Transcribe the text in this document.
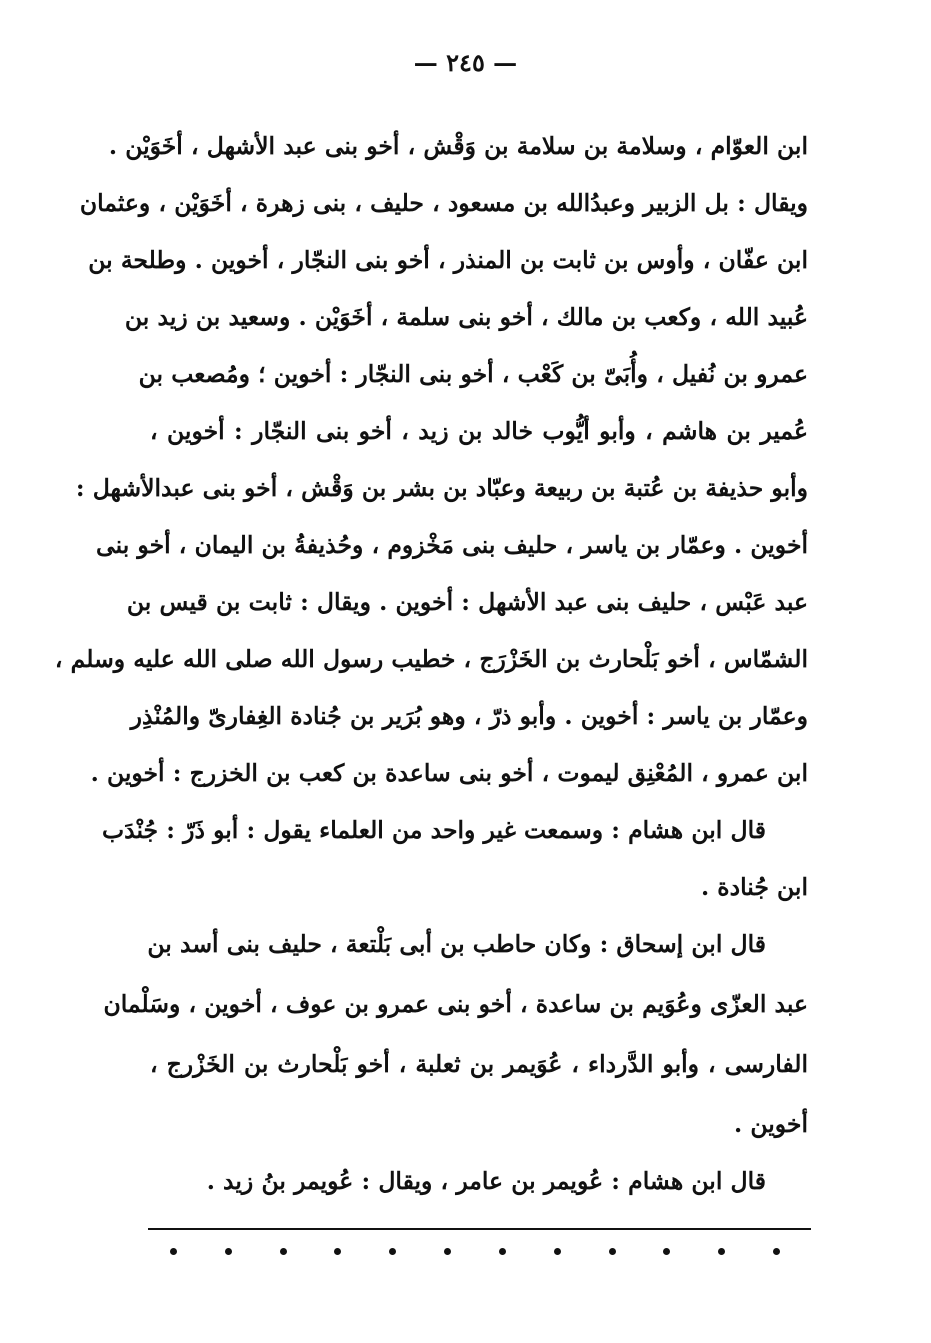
— ٢٤٥ —
ابن العوّام ، وسلامة بن سلامة بن وَقْش ، أخو بنى عبد الأشهل ، أخَوَيْن .
ويقال : بل الزبير وعبدُالله بن مسعود ، حليف ، بنى زهرة ، أخَوَيْن ، وعثمان
ابن عفّان ، وأوس بن ثابت بن المنذر ، أخو بنى النجّار ، أخوين . وطلحة بن
عُبيد الله ، وكعب بن مالك ، أخو بنى سلمة ، أخَوَيْن . وسعيد بن زيد بن
عمرو بن نُفيل ، وأُبَىّ بن كَعْب ، أخو بنى النجّار : أخوين ؛ ومُصعب بن
عُمير بن هاشم ، وأبو أيُّوب خالد بن زيد ، أخو بنى النجّار : أخوين ،
وأبو حذيفة بن عُتبة بن ربيعة وعبّاد بن بشر بن وَقْش ، أخو بنى عبدالأشهل :
أخوين . وعمّار بن ياسر ، حليف بنى مَخْزوم ، وحُذيفةُ بن اليمان ، أخو بنى
عبد عَبْس ، حليف بنى عبد الأشهل : أخوين . ويقال : ثابت بن قيس بن
الشمّاس ، أخو بَلْحارث بن الخَزْرَج ، خطيب رسول الله صلى الله عليه وسلم ،
وعمّار بن ياسر : أخوين . وأبو ذرّ ، وهو بُرَير بن جُنادة الغِفارىّ والمُنْذِر
ابن عمرو ، المُعْنِق ليموت ، أخو بنى ساعدة بن كعب بن الخزرج : أخوين .
قال ابن هشام : وسمعت غير واحد من العلماء يقول : أبو ذَرّ : جُنْدَب
ابن جُنادة .
قال ابن إسحاق : وكان حاطب بن أبى بَلْتعة ، حليف بنى أسد بن
عبد العزّى وعُوَيم بن ساعدة ، أخو بنى عمرو بن عوف ، أخوين ، وسَلْمان
الفارسى ، وأبو الدَّرداء ، عُوَيمر بن ثعلبة ، أخو بَلْحارث بن الخَزْرج ،
أخوين .
قال ابن هشام : عُويمر بن عامر ، ويقال : عُويمر بنُ زيد .
